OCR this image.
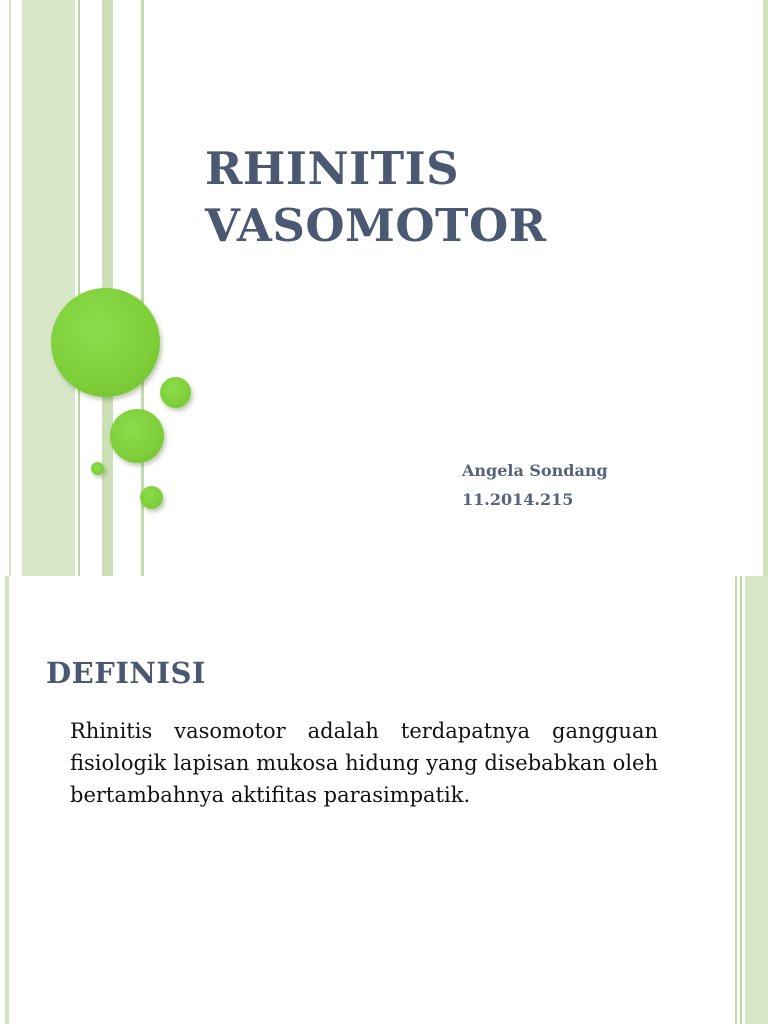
RHINITIS
VASOMOTOR

Angela Sondang

11.2014.215

DEFINISI

Rhinitis vasomotor adalah terdapatnya gangguan fisiologik lapisan mukosa hidung yang disebabkan oleh bertambahnya aktifitas parasimpatik.
